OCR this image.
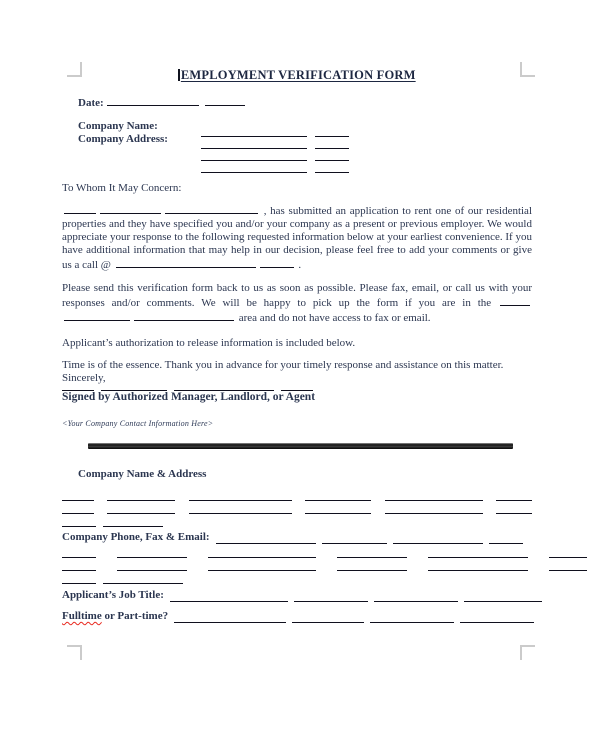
EMPLOYMENT VERIFICATION FORM
Date:
Company Name:
Company Address:
To Whom It May Concern:

, has submitted an application to rent one of our residential properties and they have specified you and/or your company as a present or previous employer. We would appreciate your response to the following requested information below at your earliest convenience. If you have additional information that may help in our decision, please feel free to add your comments or give us a call @	.

Please send this verification form back to us as soon as possible. Please fax, email, or call us with your responses and/or comments. We will be happy to pick up the form if you are in the  area and do not have access to fax or email.

Applicant’s authorization to release information is included below.

Time is of the essence. Thank you in advance for your timely response and assistance on this matter.

Sincerely,

Signed by Authorized Manager, Landlord, or Agent
<Your Company Contact Information Here>
Company Name & Address
Company Phone, Fax & Email:
Applicant’s Job Title:
Fulltime or Part-time?
